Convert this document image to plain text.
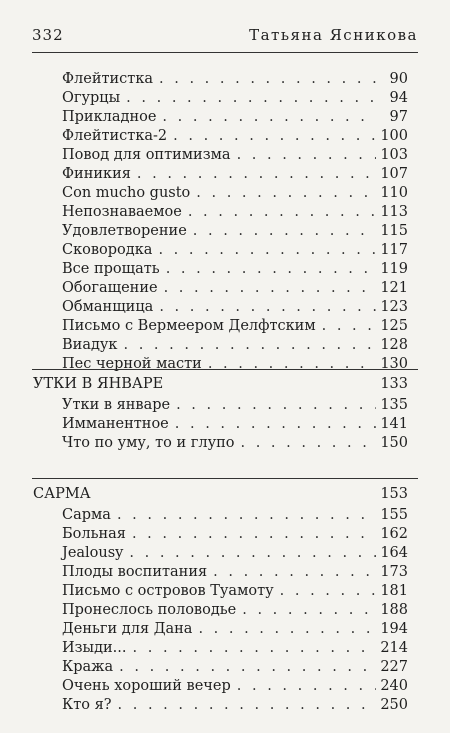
332	Татьяна Ясникова
Флейтистка . . .	90
Огурцы . . .	94
Прикладное . . .	97
Флейтистка-2 . . .	100
Повод для оптимизма . . .	103
Финикия . . .	107
Con mucho gusto . . .	110
Непознаваемое . . .	113
Удовлетворение . . .	115
Сковородка . . .	117
Все прощать . . .	119
Обогащение . . .	121
Обманщица . . .	123
Письмо с Вермеером Делфтским . . .	125
Виадук . . .	128
Пес черной масти . . .	130
УТКИ В ЯНВАРЕ	133
Утки в январе . . .	135
Имманентное . . .	141
Что по уму, то и глупо . . .	150
САРМА	153
Сарма . . .	155
Больная . . .	162
Jealousy . . .	164
Плоды воспитания . . .	173
Письмо с островов Туамоту . . .	181
Пронеслось половодье . . .	188
Деньги для Дана . . .	194
Изыди... . . .	214
Кража . . .	227
Очень хороший вечер . . .	240
Кто я? . . .	250
